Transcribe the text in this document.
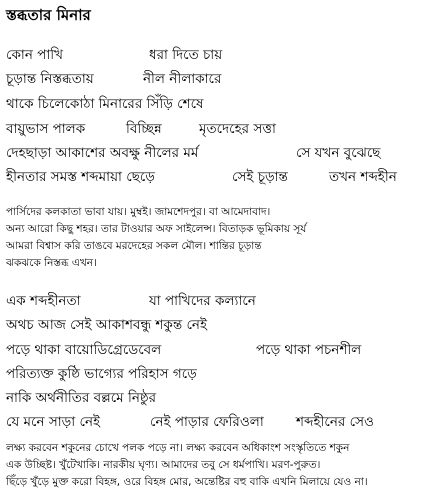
স্তব্ধতার মিনার
কোন পাখি	ধরা দিতে চায়
চূড়ান্ত নিস্তব্ধতায়	নীল নীলাকারে
থাকে চিলেকোঠা মিনারের সিঁড়ি শেষে
বায়ুভাস পালক	বিচ্ছিন্ন	মৃতদেহের সত্তা
দেহছাড়া আকাশের অবক্ষু নীলের মর্ম	সে যখন বুঝেছে
হীনতার সমস্ত শব্দমায়া ছেড়ে	সেই চূড়ান্ত	তখন শব্দহীন
পার্সিদের কলকাতা ভাবা যায়। মুম্বই। জামশেদপুর। বা আমেদাবাদ।
অন্য আরো কিছু শহর। তার টাওয়ার অফ সাইলেন্স। বিতাড়ক ভূমিকায় সূর্য
আমরা বিশ্বাস করি তাঙবে মরদেহের সকল মৌল। শান্তির চূড়ান্ত
ঝকঝকে নিস্তব্ধ এখন।
এক শব্দহীনতা	যা পাখিদের কল্যানে
অথচ আজ সেই আকাশবন্ধু শকুন্ত নেই
পড়ে থাকা বায়োডিগ্রেডেবেল	পড়ে থাকা পচনশীল
পরিত্যক্ত কুষ্ঠি ভাগ্যের পরিহাস গড়ে
নাকি অর্থনীতির বল্লমে নিষ্ঠুর
যে মনে সাড়া নেই	নেই পাড়ার ফেরিওলা শব্দহীনের সেও
লক্ষ্য করবেন শকুনের চোখে পলক পড়ে না। লক্ষ্য করবেন অধিকাংশ সংস্কৃতিতে শকুন
এক উচ্ছিষ্ট। খুঁটেখাকি। নারকীয় ঘৃণ্য। আমাদের তবু সে ধর্মপাখি। মরণ-পুরুত।
ছিঁড়ে খুঁড়ে মুক্ত করো বিহঙ্গ, ওরে বিহঙ্গ মোর, অন্তেষ্টির বহু বাকি এখনি মিলায়ে যেও না।
